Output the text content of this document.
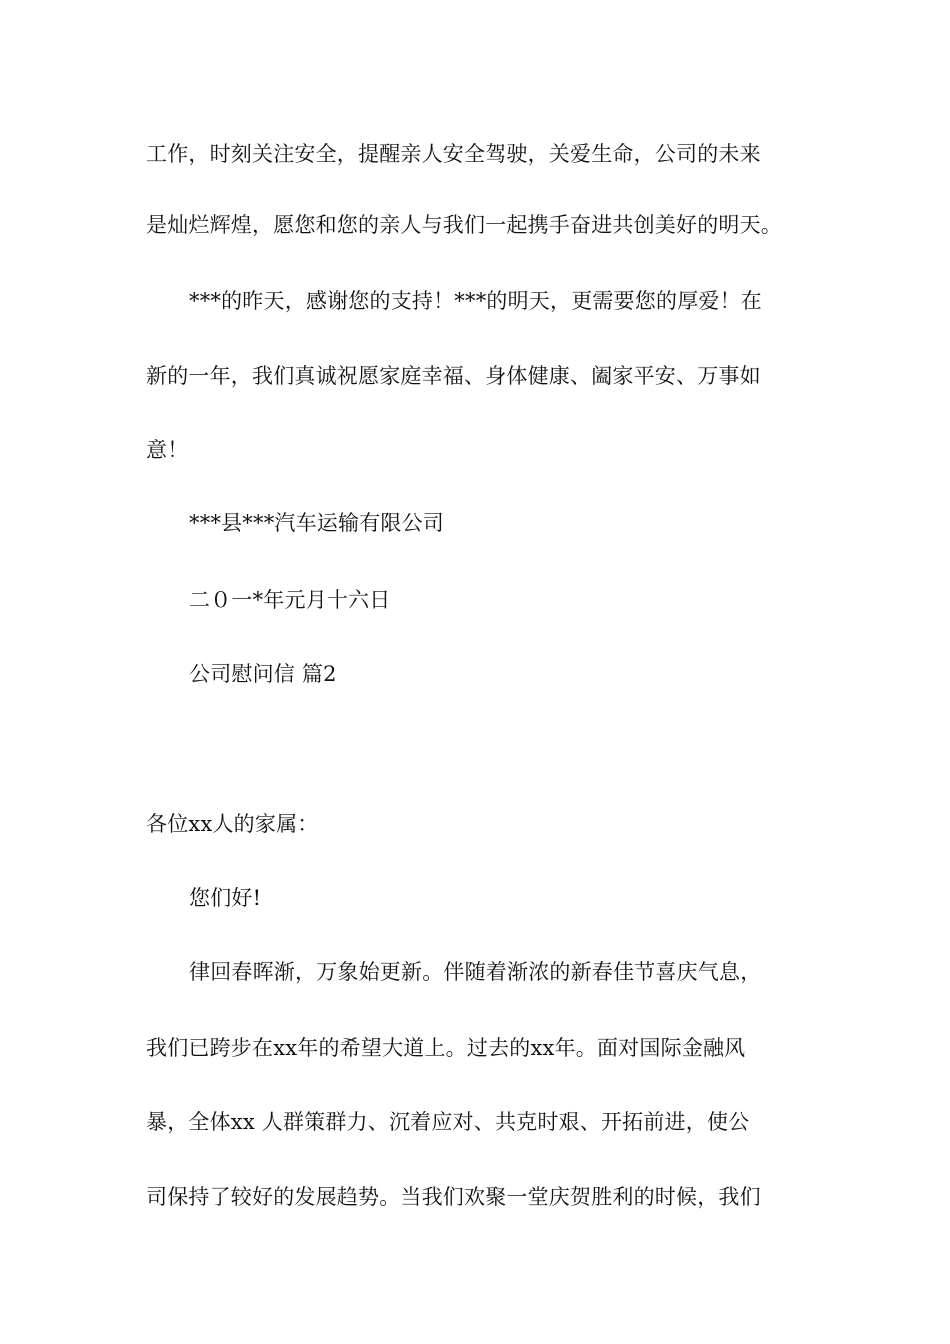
工作，时刻关注安全，提醒亲人安全驾驶，关爱生命，公司的未来
是灿烂辉煌，愿您和您的亲人与我们一起携手奋进共创美好的明天。
***的昨天，感谢您的支持！***的明天，更需要您的厚爱！在
新的一年，我们真诚祝愿家庭幸福、身体健康、阖家平安、万事如
意！
***县***汽车运输有限公司
二０一*年元月十六日
公司慰问信 篇2
各位xx人的家属：
您们好!
律回春晖渐，万象始更新。伴随着渐浓的新春佳节喜庆气息，
我们已跨步在xx年的希望大道上。过去的xx年。面对国际金融风
暴，全体xx 人群策群力、沉着应对、共克时艰、开拓前进，使公
司保持了较好的发展趋势。当我们欢聚一堂庆贺胜利的时候，我们
